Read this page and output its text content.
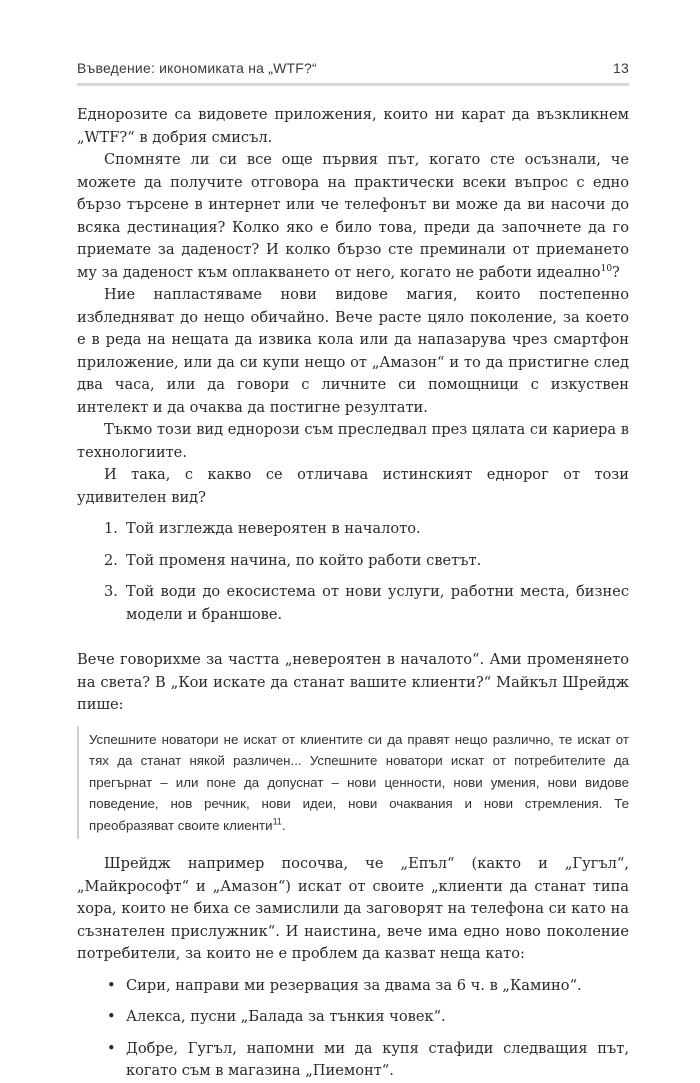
Въведение: икономиката на „WTF?“	13

Еднорозите са видовете приложения, които ни карат да възкликнем „WTF?“ в добрия смисъл.

Спомняте ли си все още първия път, когато сте осъзнали, че можете да получите отговора на практически всеки въпрос с едно бързо търсене в интернет или че телефонът ви може да ви насочи до всяка дестинация? Колко яко е било това, преди да започнете да го приемате за даденост? И колко бързо сте преминали от приемането му за даденост към оплакването от него, когато не работи идеално$^{10}$?

Ние напластяваме нови видове магия, които постепенно избледняват до нещо обичайно. Вече расте цяло поколение, за което е в реда на нещата да извика кола или да напазарува чрез смартфон приложение, или да си купи нещо от „Амазон“ и то да пристигне след два часа, или да говори с личните си помощници с изкуствен интелект и да очаква да постигне резултати.

Тъкмо този вид еднорози съм преследвал през цялата си кариера в технологиите.

И така, с какво се отличава истинският еднорог от този удивителен вид?

1. Той изглежда невероятен в началото.
2. Той променя начина, по който работи светът.
3. Той води до екосистема от нови услуги, работни места, бизнес модели и браншове.

Вече говорихме за частта „невероятен в началото“. Ами променянето на света? В „Кои искате да станат вашите клиенти?“ Майкъл Шрейдж пише:

Успешните новатори не искат от клиентите си да правят нещо различно, те искат от тях да станат някой различен... Успешните новатори искат от потребителите да прегърнат – или поне да допуснат – нови ценности, нови умения, нови видове поведение, нов речник, нови идеи, нови очаквания и нови стремления. Те преобразяват своите клиенти$^{11}$.

Шрейдж например посочва, че „Епъл“ (както и „Гугъл“, „Майкрософт“ и „Амазон“) искат от своите „клиенти да станат типа хора, които не биха се замислили да заговорят на телефона си като на съзнателен прислужник“. И наистина, вече има едно ново поколение потребители, за които не е проблем да казват неща като:

• Сири, направи ми резервация за двама за 6 ч. в „Камино“.
• Алекса, пусни „Балада за тънкия човек“.
• Добре, Гугъл, напомни ми да купя стафиди следващия път, когато съм в магазина „Пиемонт“.
